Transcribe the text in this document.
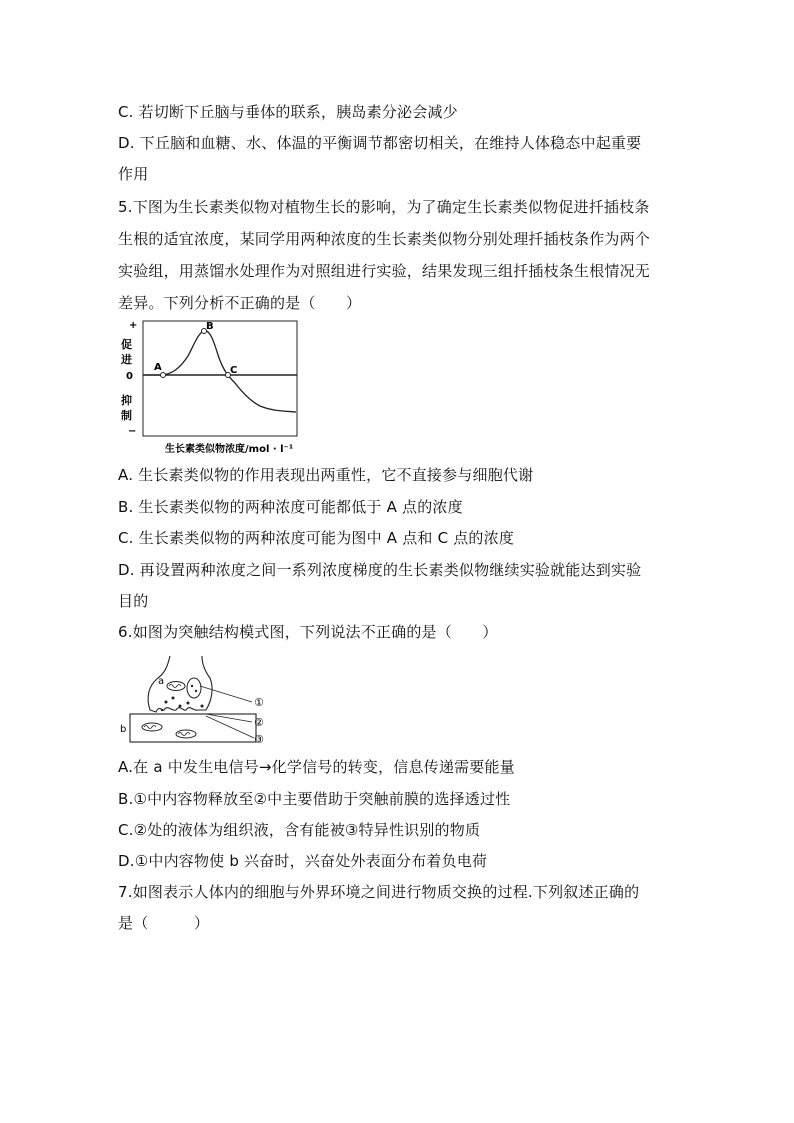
C. 若切断下丘脑与垂体的联系，胰岛素分泌会减少
D. 下丘脑和血糖、水、体温的平衡调节都密切相关，在维持人体稳态中起重要
作用
5.下图为生长素类似物对植物生长的影响，为了确定生长素类似物促进扦插枝条
生根的适宜浓度，某同学用两种浓度的生长素类似物分别处理扦插枝条作为两个
实验组，用蒸馏水处理作为对照组进行实验，结果发现三组扦插枝条生根情况无
差异。下列分析不正确的是（　　）
+
促
进
0
抑
制
−
A
B
C
生长素类似物浓度/mol · l⁻¹
A. 生长素类似物的作用表现出两重性，它不直接参与细胞代谢
B. 生长素类似物的两种浓度可能都低于 A 点的浓度
C. 生长素类似物的两种浓度可能为图中 A 点和 C 点的浓度
D. 再设置两种浓度之间一系列浓度梯度的生长素类似物继续实验就能达到实验
目的
6.如图为突触结构模式图，下列说法不正确的是（　　）
a
b
①
②
③
A.在 a 中发生电信号→化学信号的转变，信息传递需要能量
B.①中内容物释放至②中主要借助于突触前膜的选择透过性
C.②处的液体为组织液，含有能被③特异性识别的物质
D.①中内容物使 b 兴奋时，兴奋处外表面分布着负电荷
7.如图表示人体内的细胞与外界环境之间进行物质交换的过程.下列叙述正确的
是（　　　）
